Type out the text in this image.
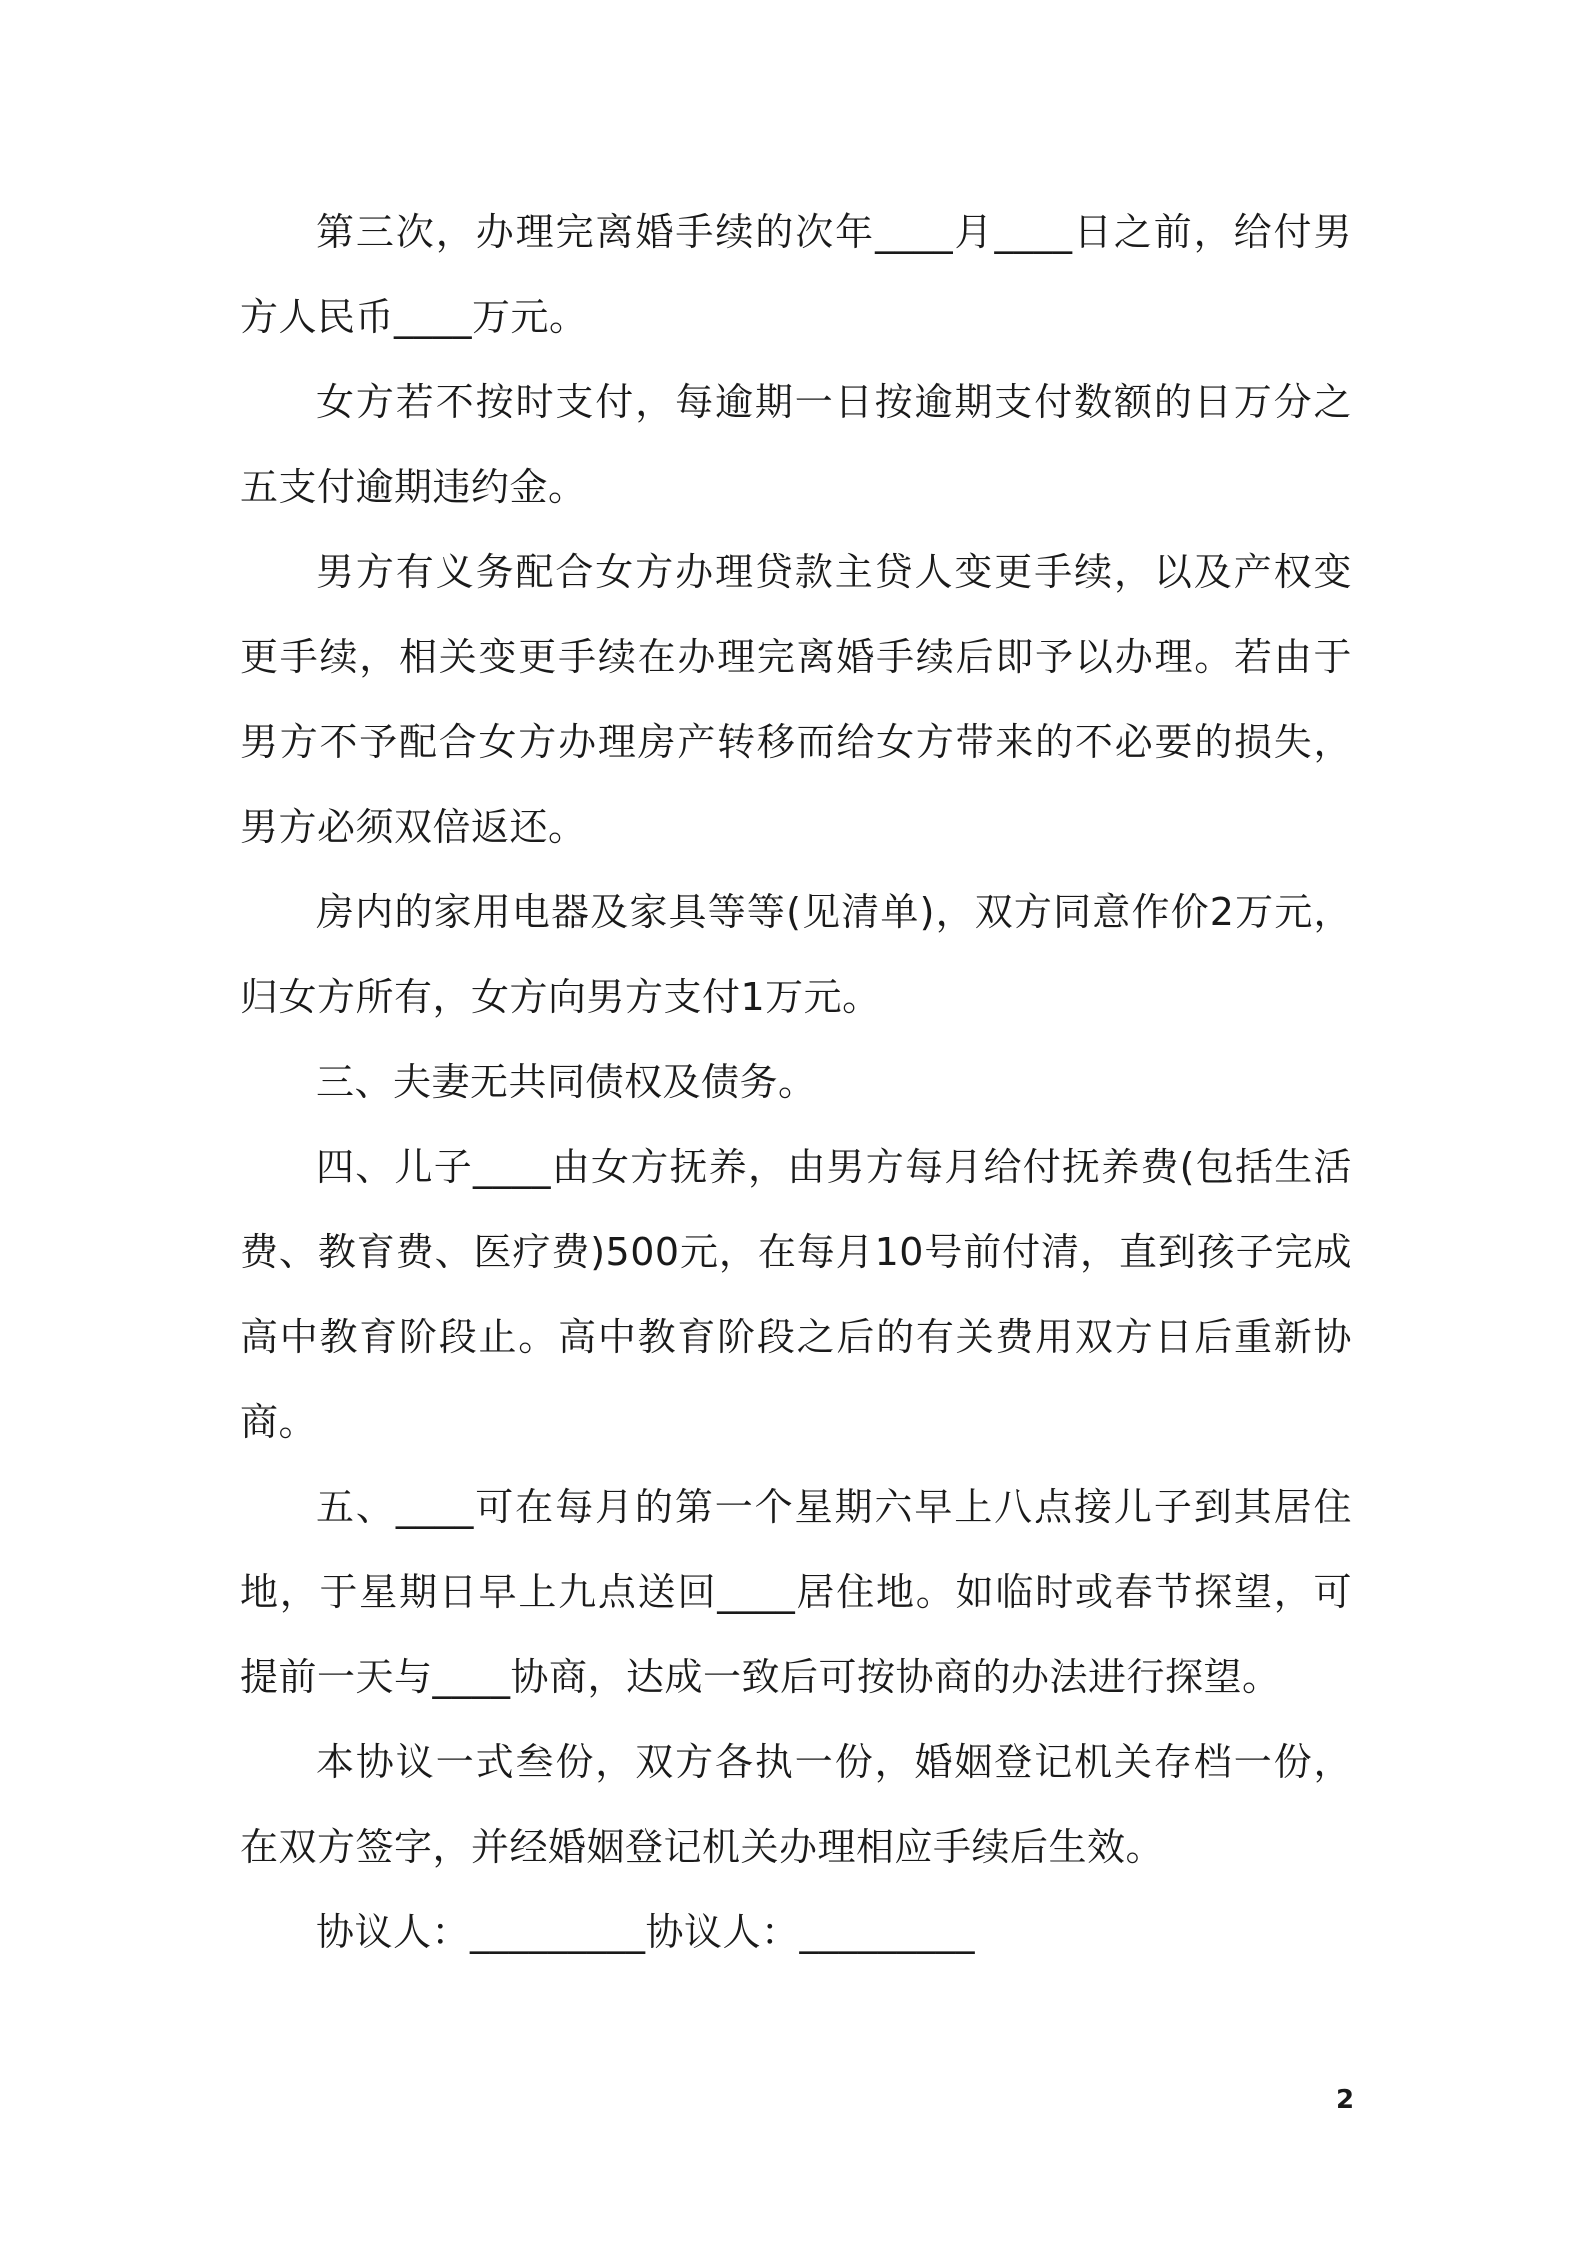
第三次，办理完离婚手续的次年____月____日之前，给付男方人民币____万元。

女方若不按时支付，每逾期一日按逾期支付数额的日万分之五支付逾期违约金。

男方有义务配合女方办理贷款主贷人变更手续，以及产权变更手续，相关变更手续在办理完离婚手续后即予以办理。若由于男方不予配合女方办理房产转移而给女方带来的不必要的损失，男方必须双倍返还。

房内的家用电器及家具等等(见清单)，双方同意作价2万元，归女方所有，女方向男方支付1万元。

三、夫妻无共同债权及债务。

四、儿子____由女方抚养，由男方每月给付抚养费(包括生活费、教育费、医疗费)500元，在每月10号前付清，直到孩子完成高中教育阶段止。高中教育阶段之后的有关费用双方日后重新协商。

五、____可在每月的第一个星期六早上八点接儿子到其居住地，于星期日早上九点送回____居住地。如临时或春节探望，可提前一天与____协商，达成一致后可按协商的办法进行探望。

本协议一式叁份，双方各执一份，婚姻登记机关存档一份，在双方签字，并经婚姻登记机关办理相应手续后生效。

协议人：_________协议人：_________

2
